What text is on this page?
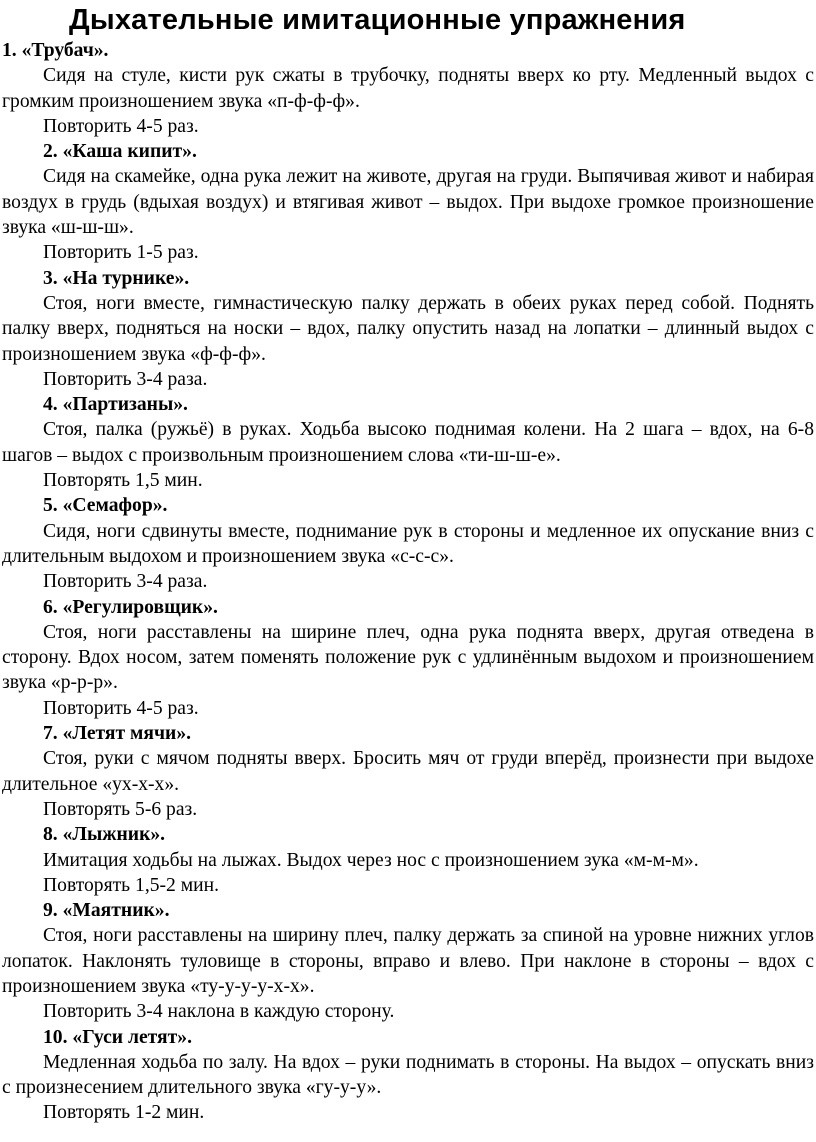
Дыхательные имитационные упражнения

1. «Трубач».

Сидя на стуле, кисти рук сжаты в трубочку, подняты вверх ко рту. Медленный выдох с громким произношением звука «п-ф-ф-ф».

Повторить 4-5 раз.

2. «Каша кипит».

Сидя на скамейке, одна рука лежит на животе, другая на груди. Выпячивая живот и набирая воздух в грудь (вдыхая воздух) и втягивая живот – выдох. При выдохе громкое произношение звука «ш-ш-ш».

Повторить 1-5 раз.

3. «На турнике».

Стоя, ноги вместе, гимнастическую палку держать в обеих руках перед собой. Поднять палку вверх, подняться на носки – вдох, палку опустить назад на лопатки – длинный выдох с произношением звука «ф-ф-ф».

Повторить 3-4 раза.

4. «Партизаны».

Стоя, палка (ружьё) в руках. Ходьба высоко поднимая колени. На 2 шага – вдох, на 6-8 шагов – выдох с произвольным произношением слова «ти-ш-ш-е».

Повторять 1,5 мин.

5. «Семафор».

Сидя, ноги сдвинуты вместе, поднимание рук в стороны и медленное их опускание вниз с длительным выдохом и произношением звука «с-с-с».

Повторить 3-4 раза.

6. «Регулировщик».

Стоя, ноги расставлены на ширине плеч, одна рука поднята вверх, другая отведена в сторону. Вдох носом, затем поменять положение рук с удлинённым выдохом и произношением звука «р-р-р».

Повторить 4-5 раз.

7. «Летят мячи».

Стоя, руки с мячом подняты вверх. Бросить мяч от груди вперёд, произнести при выдохе длительное «ух-х-х».

Повторять 5-6 раз.

8. «Лыжник».

Имитация ходьбы на лыжах. Выдох через нос с произношением зука «м-м-м».

Повторять 1,5-2 мин.

9. «Маятник».

Стоя, ноги расставлены на ширину плеч, палку держать за спиной на уровне нижних углов лопаток. Наклонять туловище в стороны, вправо и влево. При наклоне в стороны – вдох с произношением звука «ту-у-у-у-х-х».

Повторить 3-4 наклона в каждую сторону.

10. «Гуси летят».

Медленная ходьба по залу. На вдох – руки поднимать в стороны. На выдох – опускать вниз с произнесением длительного звука «гу-у-у».

Повторять 1-2 мин.
